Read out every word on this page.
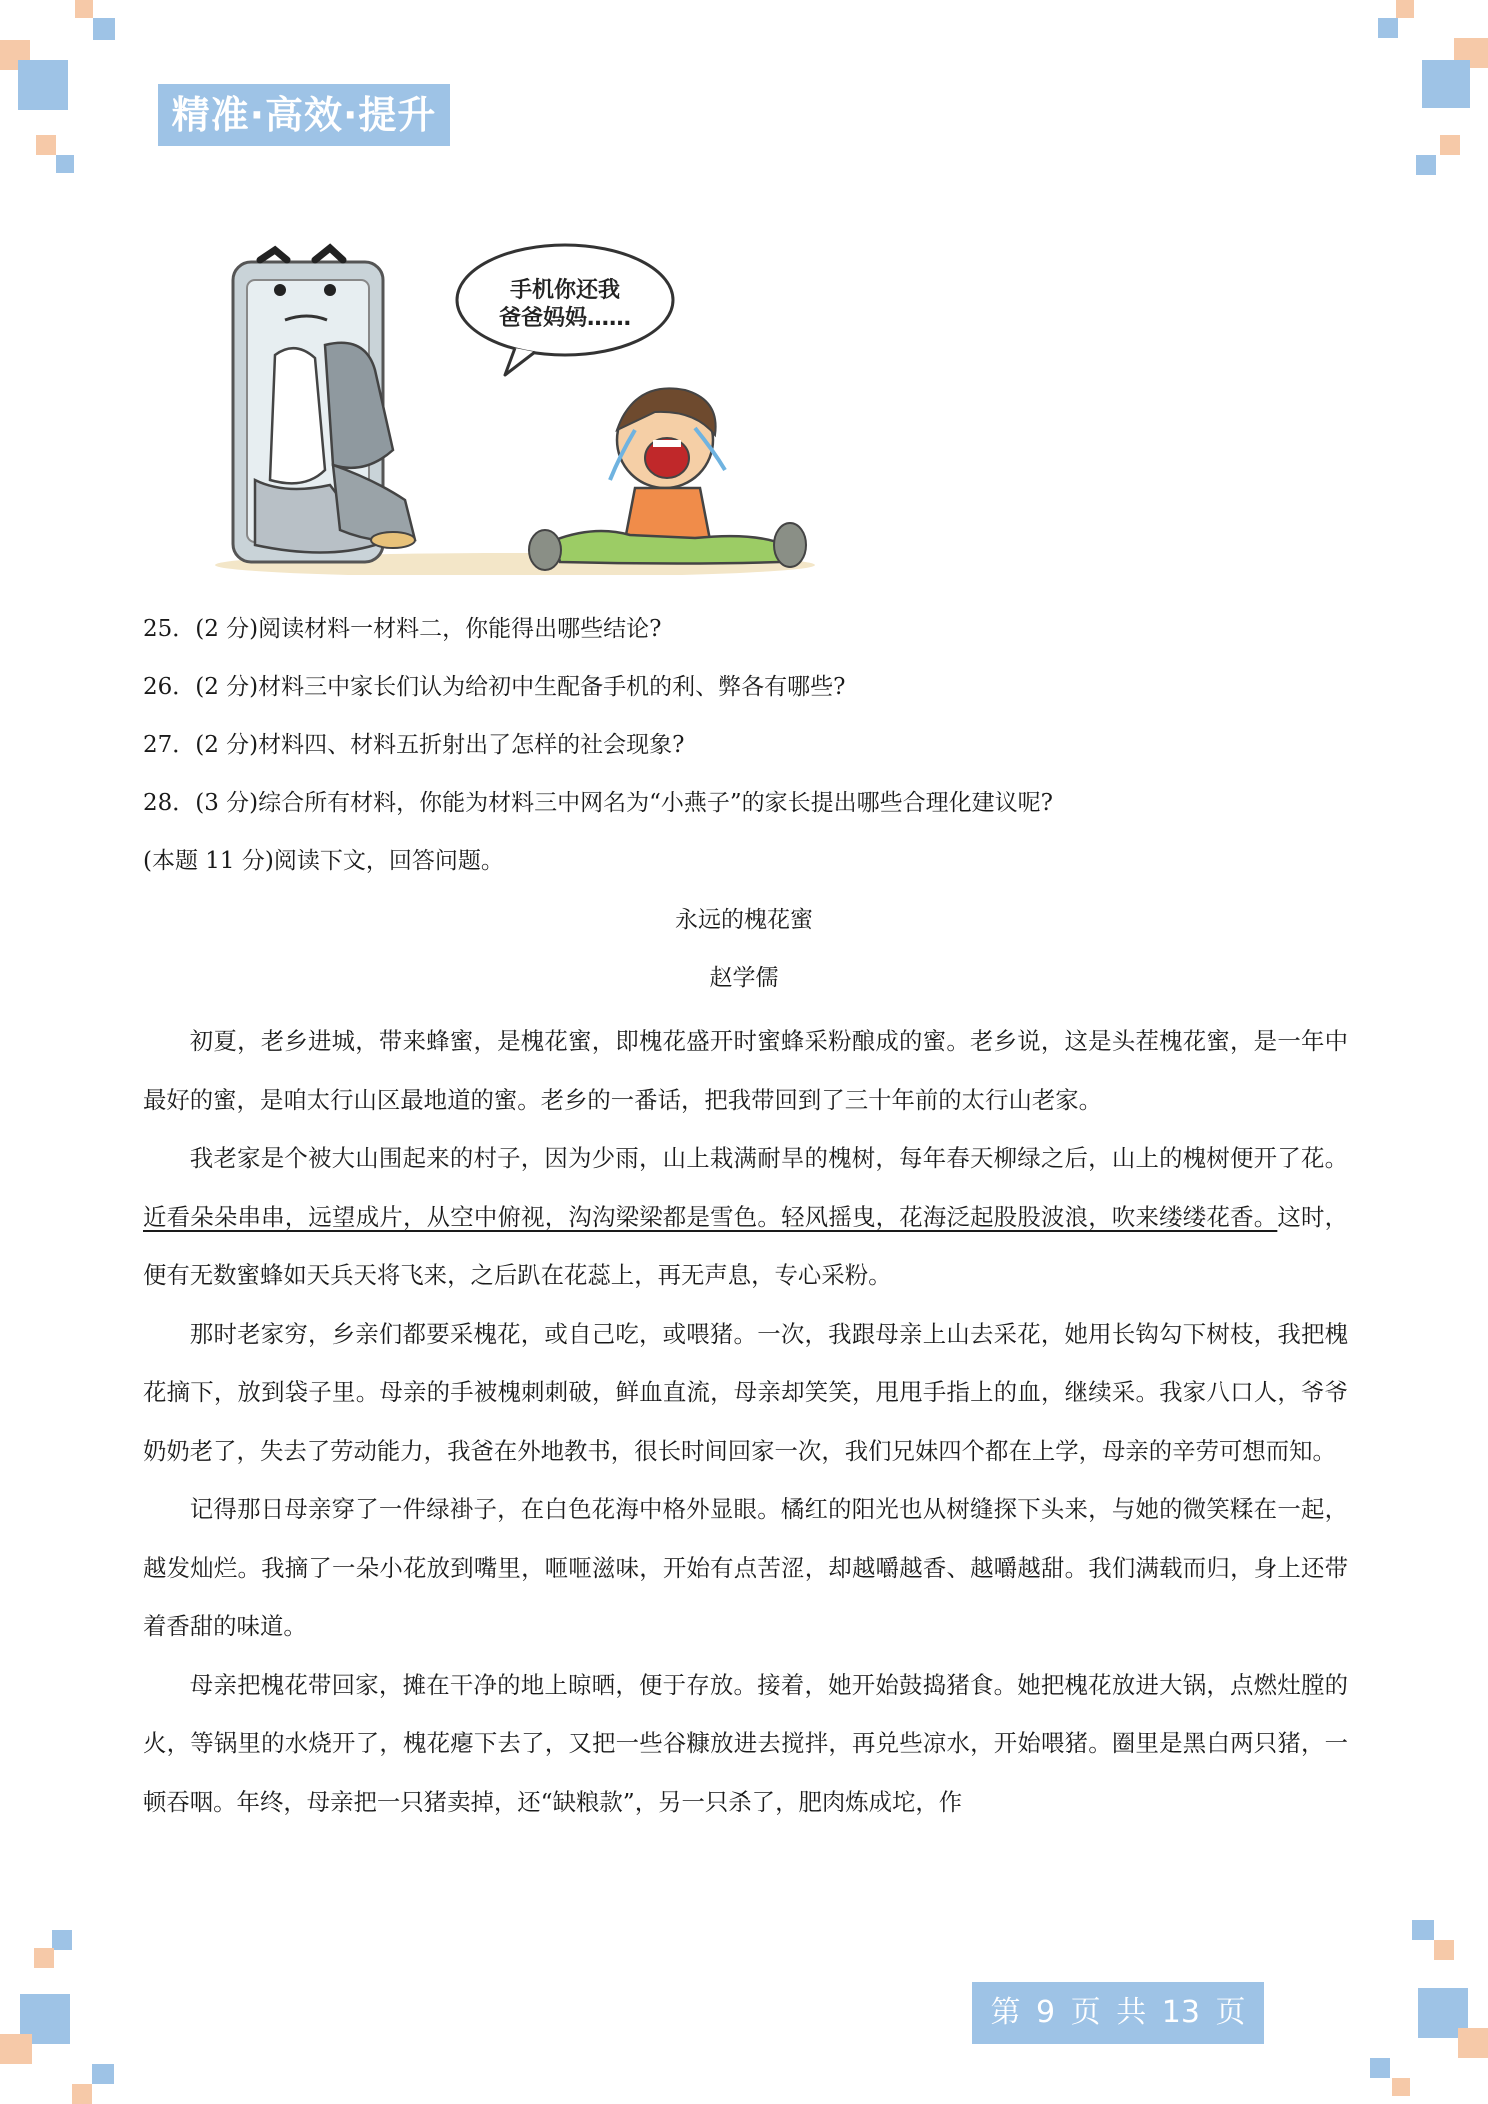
精准·高效·提升
手机你还我
爸爸妈妈……
25．(2 分)阅读材料一材料二，你能得出哪些结论?
26．(2 分)材料三中家长们认为给初中生配备手机的利、弊各有哪些?
27．(2 分)材料四、材料五折射出了怎样的社会现象?
28．(3 分)综合所有材料，你能为材料三中网名为“小燕子”的家长提出哪些合理化建议呢?
(本题 11 分)阅读下文，回答问题。
永远的槐花蜜
赵学儒

初夏，老乡进城，带来蜂蜜，是槐花蜜，即槐花盛开时蜜蜂采粉酿成的蜜。老乡说，这是头茬槐花蜜，是一年中最好的蜜，是咱太行山区最地道的蜜。老乡的一番话，把我带回到了三十年前的太行山老家。

我老家是个被大山围起来的村子，因为少雨，山上栽满耐旱的槐树，每年春天柳绿之后，山上的槐树便开了花。近看朵朵串串，远望成片，从空中俯视，沟沟梁梁都是雪色。轻风摇曳，花海泛起股股波浪，吹来缕缕花香。这时，便有无数蜜蜂如天兵天将飞来，之后趴在花蕊上，再无声息，专心采粉。

那时老家穷，乡亲们都要采槐花，或自己吃，或喂猪。一次，我跟母亲上山去采花，她用长钩勾下树枝，我把槐花摘下，放到袋子里。母亲的手被槐刺刺破，鲜血直流，母亲却笑笑，甩甩手指上的血，继续采。我家八口人，爷爷奶奶老了，失去了劳动能力，我爸在外地教书，很长时间回家一次，我们兄妹四个都在上学，母亲的辛劳可想而知。

记得那日母亲穿了一件绿褂子，在白色花海中格外显眼。橘红的阳光也从树缝探下头来，与她的微笑糅在一起，越发灿烂。我摘了一朵小花放到嘴里，咂咂滋味，开始有点苦涩，却越嚼越香、越嚼越甜。我们满载而归，身上还带着香甜的味道。

母亲把槐花带回家，摊在干净的地上晾晒，便于存放。接着，她开始鼓捣猪食。她把槐花放进大锅，点燃灶膛的火，等锅里的水烧开了，槐花瘪下去了，又把一些谷糠放进去搅拌，再兑些凉水，开始喂猪。圈里是黑白两只猪，一顿吞咽。年终，母亲把一只猪卖掉，还“缺粮款”，另一只杀了，肥肉炼成坨，作

第 9 页 共 13 页
